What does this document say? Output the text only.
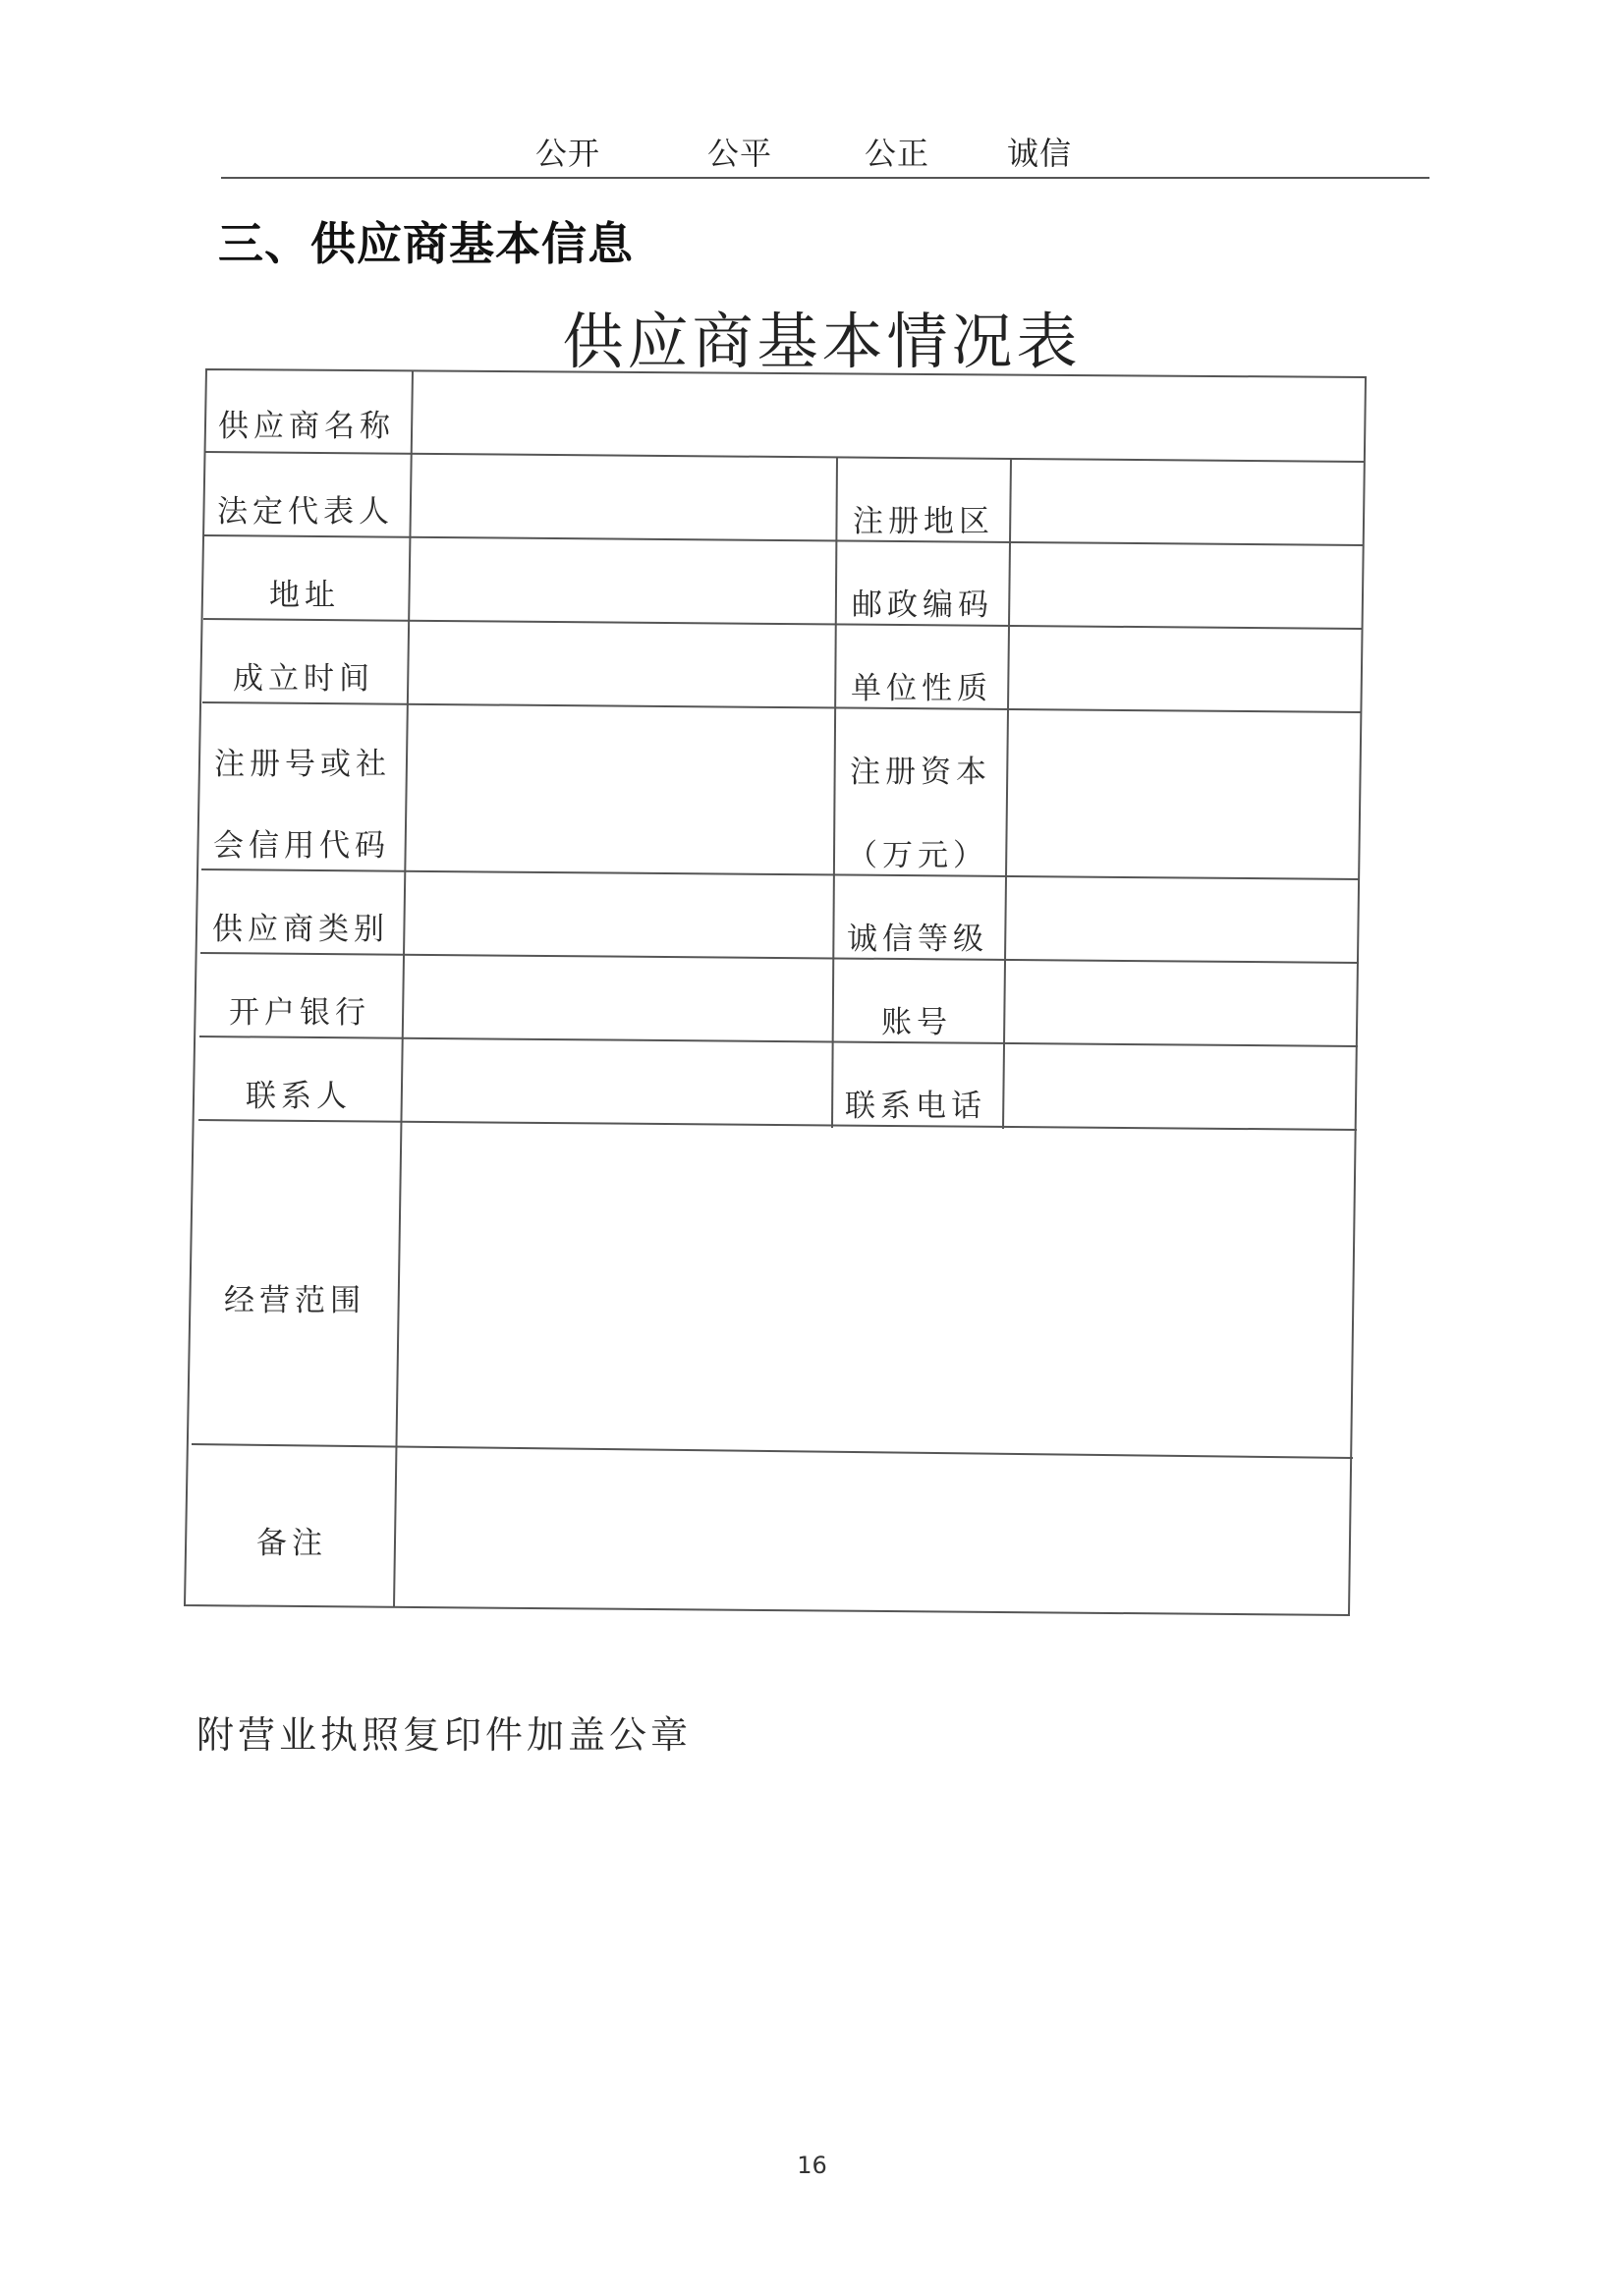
公开	公平	公正 诚信
三、供应商基本信息
供应商基本情况表
供应商名称
法定代表人
地址
成立时间
注册号或社
会信用代码
供应商类别
开户银行
联系人
经营范围
备注
注册地区
邮政编码
单位性质
注册资本
（万元）
诚信等级
账号
联系电话
附营业执照复印件加盖公章
16
